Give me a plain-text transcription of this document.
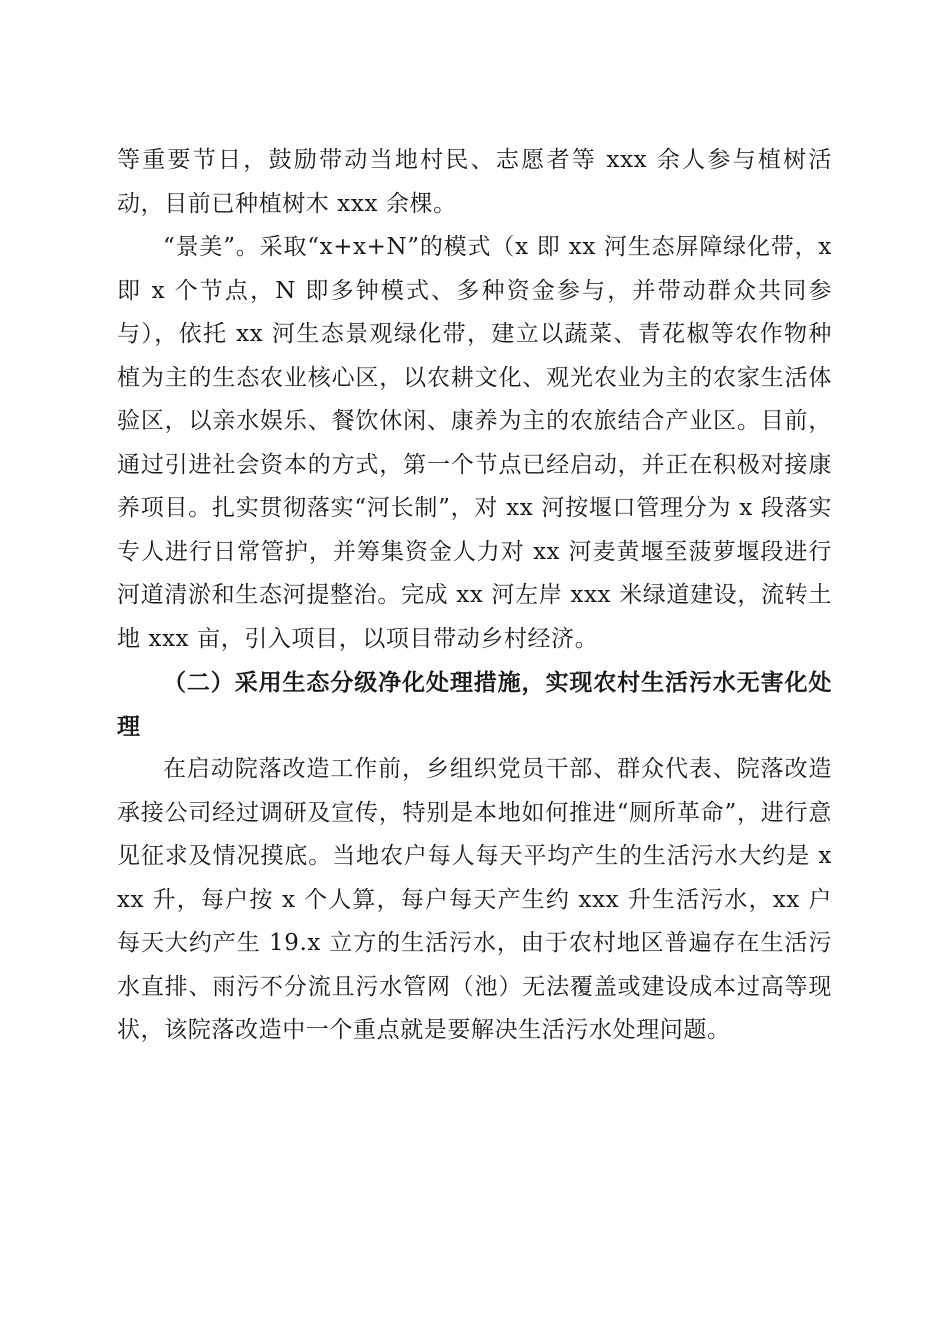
等重要节日，鼓励带动当地村民、志愿者等 xxx 余人参与植树活动，目前已种植树木 xxx 余棵。

“景美”。采取“x+x+N”的模式（x 即 xx 河生态屏障绿化带，x 即 x 个节点，N 即多钟模式、多种资金参与，并带动群众共同参与），依托 xx 河生态景观绿化带，建立以蔬菜、青花椒等农作物种植为主的生态农业核心区，以农耕文化、观光农业为主的农家生活体验区，以亲水娱乐、餐饮休闲、康养为主的农旅结合产业区。目前，通过引进社会资本的方式，第一个节点已经启动，并正在积极对接康养项目。扎实贯彻落实“河长制”，对 xx 河按堰口管理分为 x 段落实专人进行日常管护，并筹集资金人力对 xx 河麦黄堰至菠萝堰段进行河道清淤和生态河提整治。完成 xx 河左岸 xxx 米绿道建设，流转土地 xxx 亩，引入项目，以项目带动乡村经济。

（二）采用生态分级净化处理措施，实现农村生活污水无害化处理

在启动院落改造工作前，乡组织党员干部、群众代表、院落改造承接公司经过调研及宣传，特别是本地如何推进“厕所革命”，进行意见征求及情况摸底。当地农户每人每天平均产生的生活污水大约是 xxx 升，每户按 x 个人算，每户每天产生约 xxx 升生活污水，xx 户每天大约产生 19.x 立方的生活污水，由于农村地区普遍存在生活污水直排、雨污不分流且污水管网（池）无法覆盖或建设成本过高等现状，该院落改造中一个重点就是要解决生活污水处理问题。
